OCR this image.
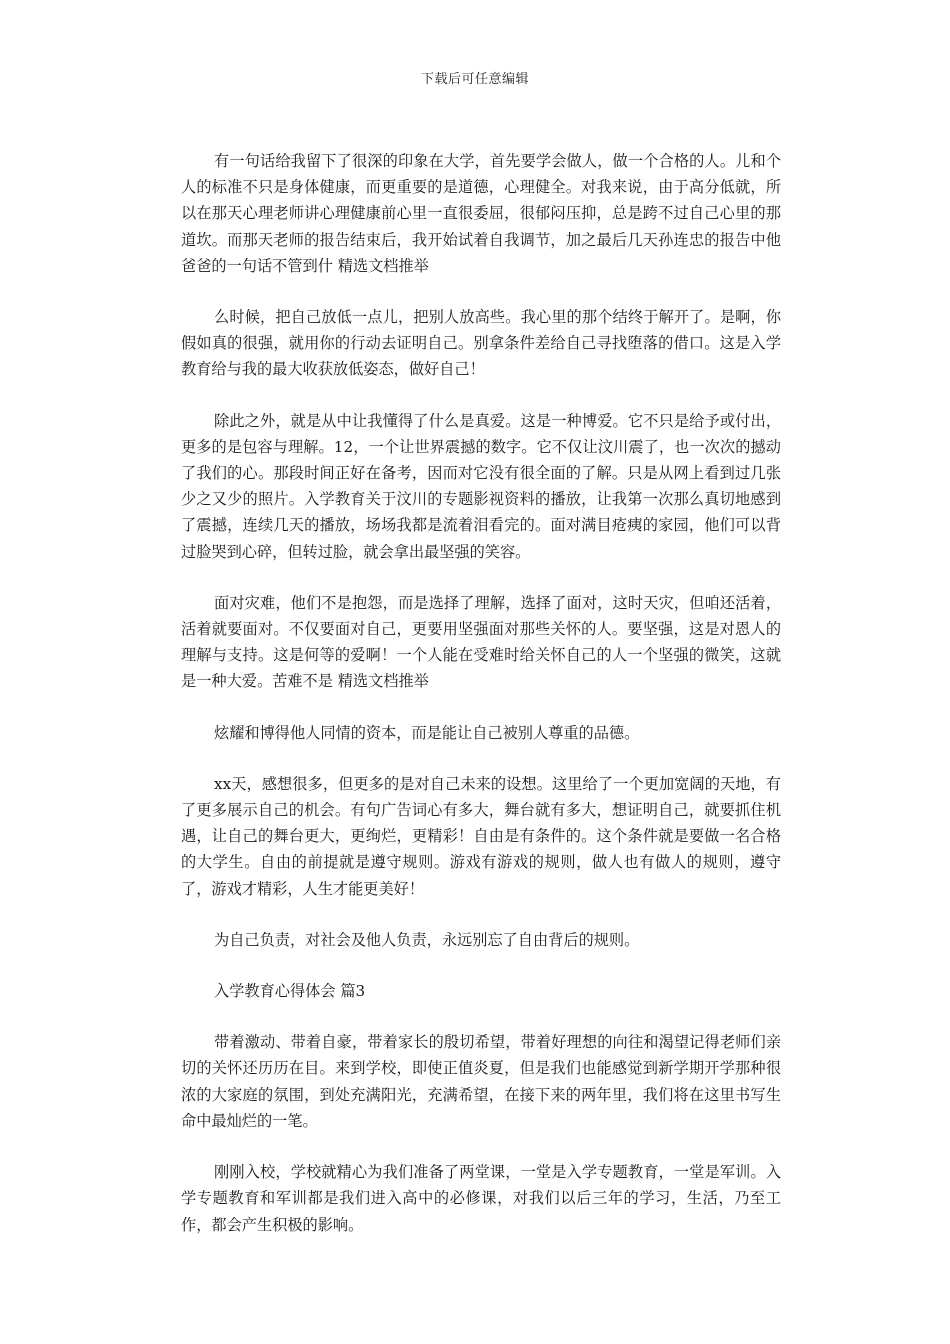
下载后可任意编辑

有一句话给我留下了很深的印象在大学，首先要学会做人，做一个合格的人。儿和个人的标准不只是身体健康，而更重要的是道德，心理健全。对我来说，由于高分低就，所以在那天心理老师讲心理健康前心里一直很委屈，很郁闷压抑，总是跨不过自己心里的那道坎。而那天老师的报告结束后，我开始试着自我调节，加之最后几天孙连忠的报告中他爸爸的一句话不管到什 精选文档推举

么时候，把自己放低一点儿，把别人放高些。我心里的那个结终于解开了。是啊，你假如真的很强，就用你的行动去证明自己。别拿条件差给自己寻找堕落的借口。这是入学教育给与我的最大收获放低姿态，做好自己！

除此之外，就是从中让我懂得了什么是真爱。这是一种博爱。它不只是给予或付出，更多的是包容与理解。12，一个让世界震撼的数字。它不仅让汶川震了，也一次次的撼动了我们的心。那段时间正好在备考，因而对它没有很全面的了解。只是从网上看到过几张少之又少的照片。入学教育关于汶川的专题影视资料的播放，让我第一次那么真切地感到了震撼，连续几天的播放，场场我都是流着泪看完的。面对满目疮痍的家园，他们可以背过脸哭到心碎，但转过脸，就会拿出最坚强的笑容。

面对灾难，他们不是抱怨，而是选择了理解，选择了面对，这时天灾，但咱还活着，活着就要面对。不仅要面对自己，更要用坚强面对那些关怀的人。要坚强，这是对恩人的理解与支持。这是何等的爱啊！一个人能在受难时给关怀自己的人一个坚强的微笑，这就是一种大爱。苦难不是 精选文档推举

炫耀和博得他人同情的资本，而是能让自己被别人尊重的品德。

xx天，感想很多，但更多的是对自己未来的设想。这里给了一个更加宽阔的天地，有了更多展示自己的机会。有句广告词心有多大，舞台就有多大，想证明自己，就要抓住机遇，让自己的舞台更大，更绚烂，更精彩！自由是有条件的。这个条件就是要做一名合格的大学生。自由的前提就是遵守规则。游戏有游戏的规则，做人也有做人的规则，遵守了，游戏才精彩，人生才能更美好！

为自己负责，对社会及他人负责，永远别忘了自由背后的规则。

入学教育心得体会 篇3

带着激动、带着自豪，带着家长的殷切希望，带着好理想的向往和渴望记得老师们亲切的关怀还历历在目。来到学校，即使正值炎夏，但是我们也能感觉到新学期开学那种很浓的大家庭的氛围，到处充满阳光，充满希望，在接下来的两年里，我们将在这里书写生命中最灿烂的一笔。

刚刚入校，学校就精心为我们准备了两堂课，一堂是入学专题教育，一堂是军训。入学专题教育和军训都是我们进入高中的必修课，对我们以后三年的学习，生活，乃至工作，都会产生积极的影响。
